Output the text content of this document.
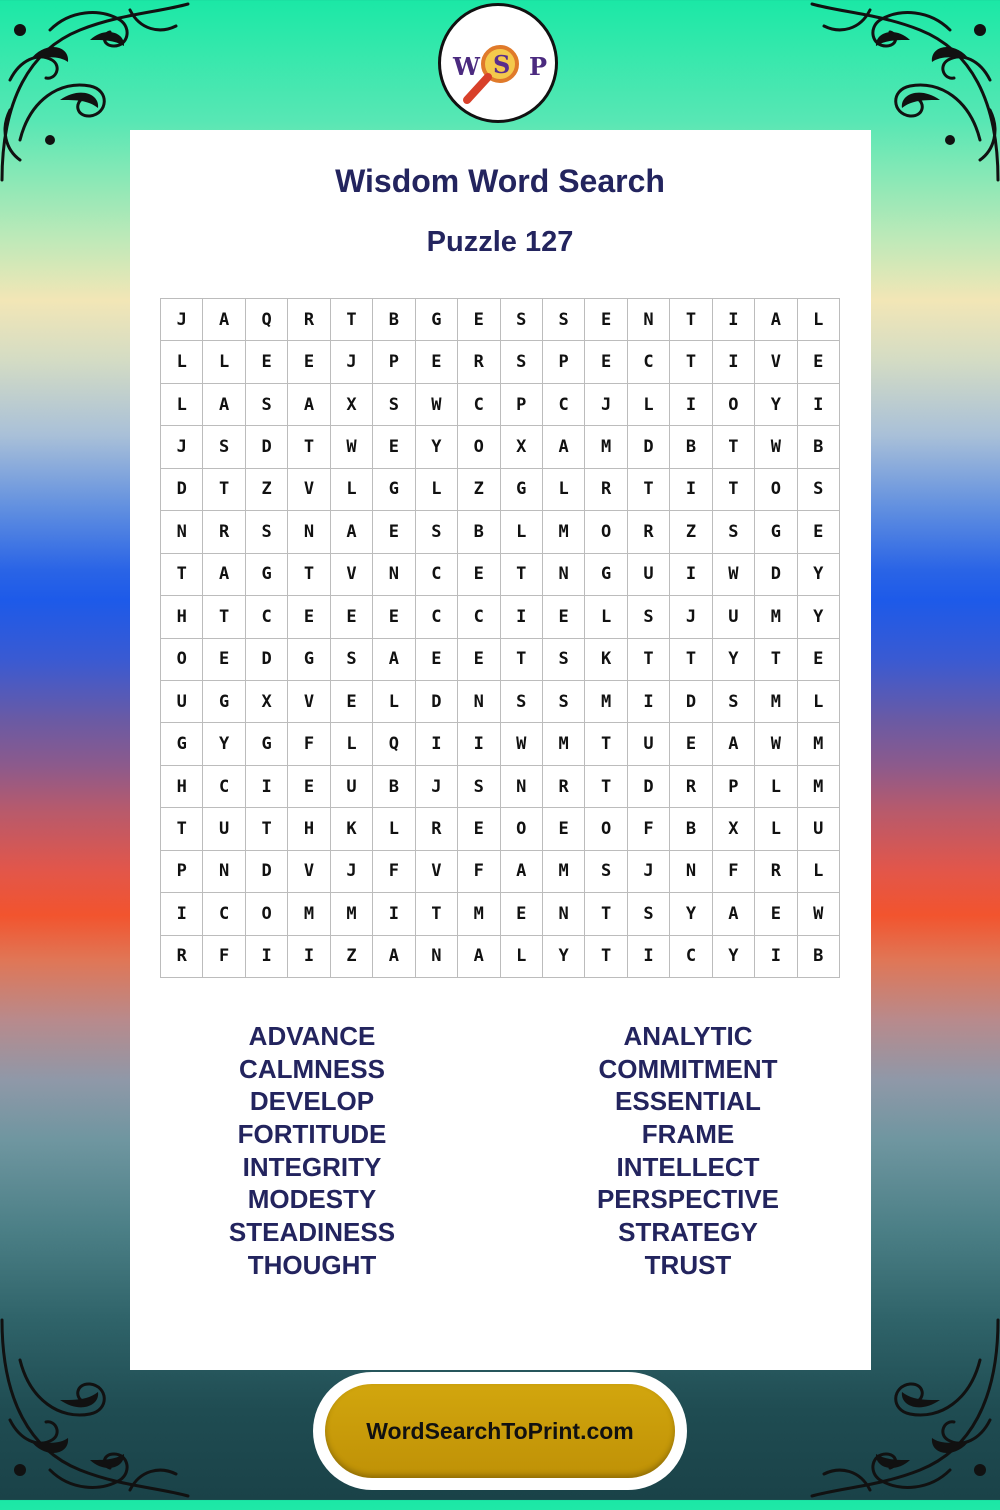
W S P
Wisdom Word Search
Puzzle 127
J	A	Q	R	T	B	G	E	S	S	E	N	T	I	A	L
L	L	E	E	J	P	E	R	S	P	E	C	T	I	V	E
L	A	S	A	X	S	W	C	P	C	J	L	I	O	Y	I
J	S	D	T	W	E	Y	O	X	A	M	D	B	T	W	B
D	T	Z	V	L	G	L	Z	G	L	R	T	I	T	O	S
N	R	S	N	A	E	S	B	L	M	O	R	Z	S	G	E
T	A	G	T	V	N	C	E	T	N	G	U	I	W	D	Y
H	T	C	E	E	E	C	C	I	E	L	S	J	U	M	Y
O	E	D	G	S	A	E	E	T	S	K	T	T	Y	T	E
U	G	X	V	E	L	D	N	S	S	M	I	D	S	M	L
G	Y	G	F	L	Q	I	I	W	M	T	U	E	A	W	M
H	C	I	E	U	B	J	S	N	R	T	D	R	P	L	M
T	U	T	H	K	L	R	E	O	E	O	F	B	X	L	U
P	N	D	V	J	F	V	F	A	M	S	J	N	F	R	L
I	C	O	M	M	I	T	M	E	N	T	S	Y	A	E	W
R	F	I	I	Z	A	N	A	L	Y	T	I	C	Y	I	B
ADVANCE
CALMNESS
DEVELOP
FORTITUDE
INTEGRITY
MODESTY
STEADINESS
THOUGHT
ANALYTIC
COMMITMENT
ESSENTIAL
FRAME
INTELLECT
PERSPECTIVE
STRATEGY
TRUST
WordSearchToPrint.com
